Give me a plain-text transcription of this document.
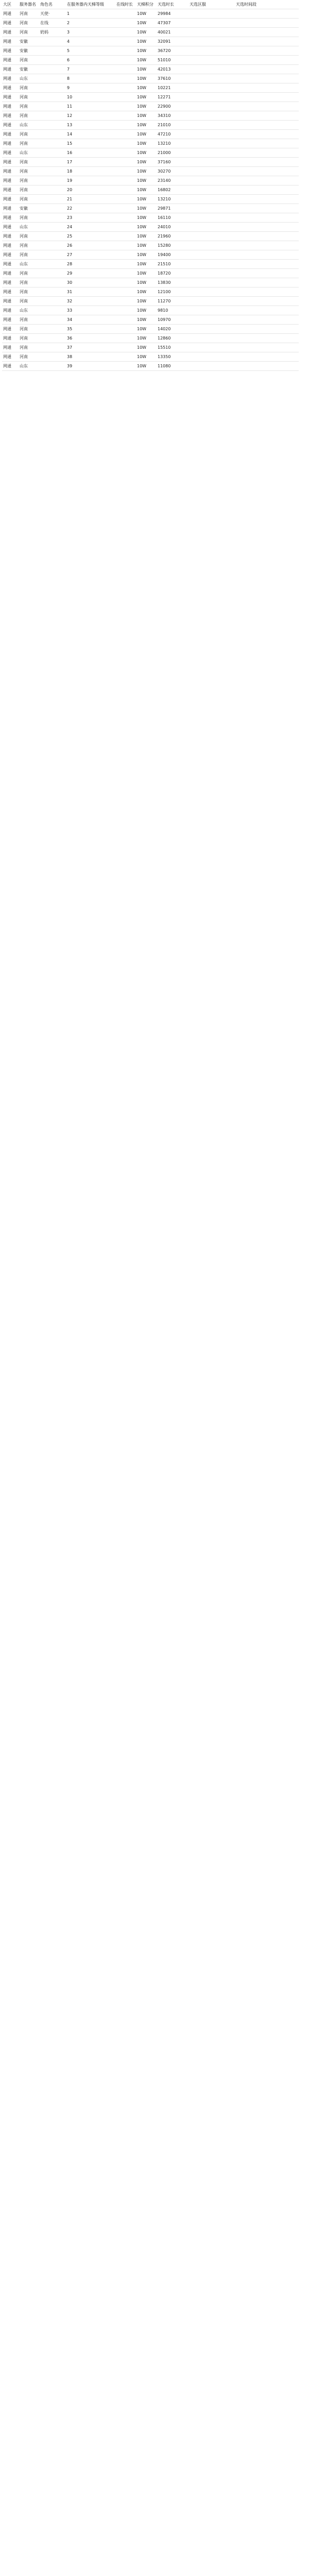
大区	服务器名	角色名	在服务器内天梯等级	在线时长	天梯积分	天选时长	天选区服	天选时间段
网通	河南	天使·	1		10W	29984		
网通	河南	在线	2		10W	47307		
网通	河南	奶妈	3		10W	40021		
网通	安徽		4		10W	32091		
网通	安徽		5		10W	36720		
网通	河南		6		10W	51010		
网通	安徽		7		10W	42013		
网通	山东		8		10W	37610		
网通	河南		9		10W	10221		
网通	河南		10		10W	12271		
网通	河南		11		10W	22900		
网通	河南		12		10W	34310		
网通	山东		13		10W	21010		
网通	河南		14		10W	47210		
网通	河南		15		10W	13210		
网通	山东		16		10W	21000		
网通	河南		17		10W	37160		
网通	河南		18		10W	30270		
网通	河南		19		10W	23140		
网通	河南		20		10W	16802		
网通	河南		21		10W	13210		
网通	安徽		22		10W	29871		
网通	河南		23		10W	16110		
网通	山东		24		10W	24010		
网通	河南		25		10W	21960		
网通	河南		26		10W	15280		
网通	河南		27		10W	19400		
网通	山东		28		10W	21510		
网通	河南		29		10W	18720		
网通	河南		30		10W	13830		
网通	河南		31		10W	12100		
网通	河南		32		10W	11270		
网通	山东		33		10W	9810		
网通	河南		34		10W	10970		
网通	河南		35		10W	14020		
网通	河南		36		10W	12860		
网通	河南		37		10W	15510		
网通	河南		38		10W	13350		
网通	山东		39		10W	11080		
